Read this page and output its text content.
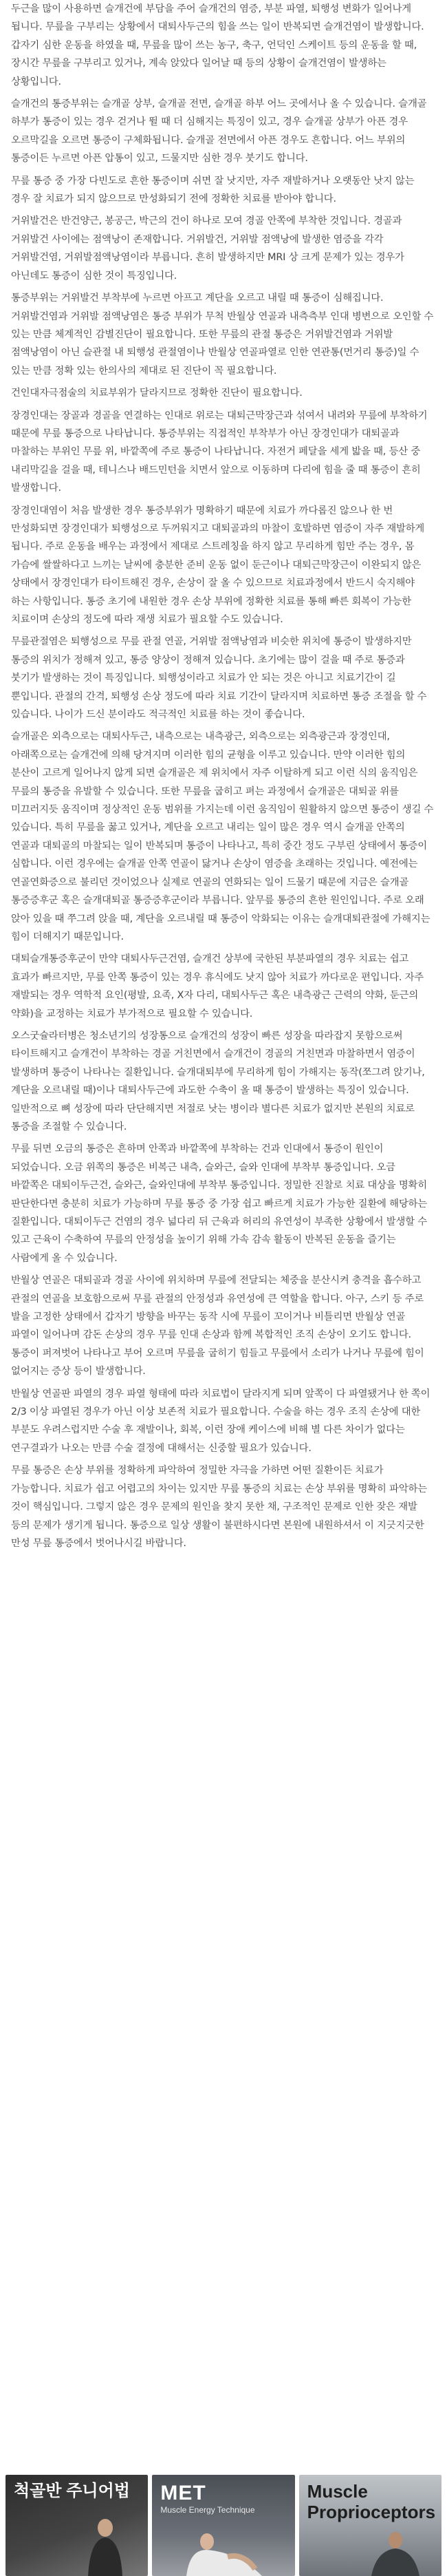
두근을 많이 사용하면 슬개건에 부담을 주어 슬개건의 염증, 부분 파열, 퇴행성 변화가 일어나게 됩니다. 무릎을 구부리는 상황에서 대퇴사두근의 힘을 쓰는 일이 반복되면 슬개건염이 발생합니다. 갑자기 심한 운동을 하였을 때, 무릎을 많이 쓰는 농구, 축구, 언덕인 스케이트 등의 운동을 할 때, 장시간 무릎을 구부리고 있거나, 계속 앉았다 일어날 때 등의 상황이 슬개건염이 발생하는 상황입니다.

슬개건의 통증부위는 슬개골 상부, 슬개골 전면, 슬개골 하부 어느 곳에서나 올 수 있습니다. 슬개골 하부가 통증이 있는 경우 걷거나 뛸 때 더 심해지는 특징이 있고, 경우 슬개골 상부가 아픈 경우 오르막길을 오르면 통증이 구체화됩니다. 슬개골 전면에서 아픈 경우도 흔합니다. 어느 부위의 통증이든 누르면 아픈 압통이 있고, 드물지만 심한 경우 붓기도 합니다.

무릎 통증 중 가장 다빈도로 흔한 통증이며 쉬면 잘 낫지만, 자주 재발하거나 오랫동안 낫지 않는 경우 잘 치료가 되지 않으므로 만성화되기 전에 정확한 치료를 받아야 합니다.

거위발건은 반건양근, 봉공근, 박근의 건이 하나로 모여 경골 안쪽에 부착한 것입니다. 경골과 거위발건 사이에는 점액낭이 존재합니다. 거위발건, 거위발 점액낭에 발생한 염증을 각각 거위발건염, 거위발점액낭염이라 부릅니다. 흔히 발생하지만 MRI 상 크게 문제가 있는 경우가 아닌데도 통증이 심한 것이 특징입니다.

통증부위는 거위발건 부착부에 누르면 아프고 계단을 오르고 내릴 때 통증이 심해집니다. 거위발건염과 거위발 점액낭염은 통증 부위가 무척 반월상 연골과 내측측부 인대 병변으로 오인할 수 있는 만큼 체계적인 감별진단이 필요합니다. 또한 무릎의 관절 통증은 거위발건염과 거위발 점액낭염이 아닌 슬관절 내 퇴행성 관절염이나 반월상 연골파열로 인한 연관통(먼거리 통증)일 수 있는 만큼 정확 있는 한의사의 제대로 된 진단이 꼭 필요합니다.

건인대자극점술의 치료부위가 달라지므로 정확한 진단이 필요합니다.

장경인대는 장골과 경골을 연결하는 인대로 위로는 대퇴근막장근과 섞여서 내려와 무릎에 부착하기 때문에 무릎 통증으로 나타납니다. 통증부위는 직접적인 부착부가 아닌 장경인대가 대퇴골과 마찰하는 부위인 무릎 위, 바깥쪽에 주로 통증이 나타납니다. 자전거 페달을 세게 밟을 때, 등산 중 내리막길을 걸을 때, 테니스나 배드민턴을 치면서 앞으로 이동하며 다리에 힘을 줄 때 통증이 흔히 발생합니다.

장경인대염이 처음 발생한 경우 통증부위가 명확하기 때문에 치료가 까다롭진 않으나 한 번 만성화되면 장경인대가 퇴행성으로 두꺼워지고 대퇴골과의 마찰이 호발하면 염증이 자주 재발하게 됩니다. 주로 운동을 배우는 과정에서 제대로 스트레칭을 하지 않고 무리하게 힘만 주는 경우, 몸 가슴에 쌀쌀하다고 느끼는 날씨에 충분한 준비 운동 없이 둔근이나 대퇴근막장근이 이완되지 않은 상태에서 장경인대가 타이트해진 경우, 손상이 잘 올 수 있으므로 치료과정에서 반드시 숙지해야 하는 사항입니다. 통증 초기에 내원한 경우 손상 부위에 정확한 치료를 통해 빠른 회복이 가능한 치료이며 손상의 정도에 따라 재생 치료가 필요할 수도 있습니다.

무릎관절염은 퇴행성으로 무릎 관절 연골, 거위발 점액낭염과 비슷한 위치에 통증이 발생하지만 통증의 위치가 정해져 있고, 통증 양상이 정해져 있습니다. 초기에는 많이 걸을 때 주로 통증과 붓기가 발생하는 것이 특징입니다. 퇴행성이라고 치료가 안 되는 것은 아니고 치료기간이 길 뿐입니다. 관절의 간격, 퇴행성 손상 정도에 따라 치료 기간이 달라지며 치료하면 통증 조절을 할 수 있습니다. 나이가 드신 분이라도 적극적인 치료를 하는 것이 좋습니다.

슬개골은 외측으로는 대퇴사두근, 내측으로는 내측광근, 외측으로는 외측광근과 장경인대, 아래쪽으로는 슬개건에 의해 당겨지며 이러한 힘의 균형을 이루고 있습니다. 만약 이러한 힘의 분산이 고르게 일어나지 않게 되면 슬개골은 제 위치에서 자주 이탈하게 되고 이런 식의 움직임은 무릎의 통증을 유발할 수 있습니다. 또한 무릎을 굽히고 펴는 과정에서 슬개골은 대퇴골 위를 미끄러지듯 움직이며 정상적인 운동 범위를 가지는데 이런 움직임이 원활하지 않으면 통증이 생길 수 있습니다. 특히 무릎을 꿇고 있거나, 계단을 오르고 내리는 일이 많은 경우 역시 슬개골 안쪽의 연골과 대퇴골의 마찰되는 일이 반복되며 통증이 나타나고, 특히 중간 정도 구부린 상태에서 통증이 심합니다. 이런 경우에는 슬개골 안쪽 연골이 닳거나 손상이 염증을 초래하는 것입니다. 예전에는 연골연화증으로 불리던 것이었으나 실제로 연골의 연화되는 일이 드물기 때문에 지금은 슬개골 통증증후군 혹은 슬개대퇴골 통증증후군이라 부릅니다. 앞무릎 통증의 흔한 원인입니다. 주로 오래 앉아 있을 때 쭈그려 앉을 때, 계단을 오르내릴 때 통증이 악화되는 이유는 슬개대퇴관절에 가해지는 힘이 더해지기 때문입니다.

대퇴슬개통증후군이 만약 대퇴사두근건염, 슬개건 상부에 국한된 부분파열의 경우 치료는 쉽고 효과가 빠르지만, 무릎 안쪽 통증이 있는 경우 휴식에도 낫지 않아 치료가 까다로운 편입니다. 자주 재발되는 경우 역학적 요인(평발, 요족, X자 다리, 대퇴사두근 혹은 내측광근 근력의 약화, 둔근의 약화)을 교정하는 치료가 부가적으로 필요할 수 있습니다.

오스굿슐라터병은 청소년기의 성장통으로 슬개건의 성장이 빠른 성장을 따라잡지 못함으로써 타이트해지고 슬개건이 부착하는 경골 거친면에서 슬개건이 경골의 거친면과 마찰하면서 염증이 발생하며 통증이 나타나는 질환입니다. 슬개대퇴부에 무리하게 힘이 가해지는 동작(쪼그려 앉기나, 계단을 오르내릴 때)이나 대퇴사두근에 과도한 수축이 올 때 통증이 발생하는 특징이 있습니다. 일반적으로 뼈 성장에 따라 단단해지면 저절로 낫는 병이라 별다른 치료가 없지만 본원의 치료로 통증을 조절할 수 있습니다.

무릎 뒤면 오금의 통증은 흔하며 안쪽과 바깥쪽에 부착하는 건과 인대에서 통증이 원인이 되었습니다. 오금 위쪽의 통증은 비복근 내측, 슬와근, 슬와 인대에 부착부 통증입니다. 오금 바깥쪽은 대퇴이두근건, 슬와근, 슬와인대에 부착부 통증입니다. 정밀한 진찰로 치료 대상을 명확히 판단한다면 충분히 치료가 가능하며 무릎 통증 중 가장 쉽고 빠르게 치료가 가능한 질환에 해당하는 질환입니다. 대퇴이두근 건염의 경우 넓다리 뒤 근육과 허리의 유연성이 부족한 상황에서 발생할 수 있고 근육이 수축하여 무릎의 안정성을 높이기 위해 가속 감속 활동이 반복된 운동을 즐기는 사람에게 올 수 있습니다.

반월상 연골은 대퇴골과 경골 사이에 위치하며 무릎에 전달되는 체중을 분산시켜 충격을 흡수하고 관절의 연골을 보호함으로써 무릎 관절의 안정성과 유연성에 큰 역할을 합니다. 아구, 스키 등 주로 발을 고정한 상태에서 갑자기 방향을 바꾸는 동작 시에 무릎이 꼬이거나 비틀리면 반월상 연골 파열이 일어나며 감돈 손상의 경우 무릎 인대 손상과 함께 복합적인 조직 손상이 오기도 합니다. 통증이 퍼져벗어 나타나고 부어 오르며 무릎을 굽히기 힘들고 무릎에서 소리가 나거나 무릎에 힘이 없어지는 증상 등이 발생합니다.

반월상 연골판 파열의 경우 파열 형태에 따라 치료법이 달라지게 되며 앞쪽이 다 파열됐거나 한 쪽이 2/3 이상 파열된 경우가 아닌 이상 보존적 치료가 필요합니다. 수술을 하는 경우 조직 손상에 대한 부분도 우려스럽지만 수술 후 재발이나, 회복, 이런 장애 케이스에 비해 별 다른 차이가 없다는 연구결과가 나오는 만큼 수술 결정에 대해서는 신중할 필요가 있습니다.

무릎 통증은 손상 부위를 정확하게 파악하여 정밀한 자극을 가하면 어떤 질환이든 치료가 가능합니다. 치료가 쉽고 어렵고의 차이는 있지만 무릎 통증의 치료는 손상 부위를 명확히 파악하는 것이 핵심입니다. 그렇지 않은 경우 문제의 원인을 찾지 못한 채, 구조적인 문제로 인한 잦은 재발 등의 문제가 생기게 됩니다. 통증으로 일상 생활이 불편하시다면 본원에 내원하셔서 이 지긋지긋한 만성 무릎 통증에서 벗어나시길 바랍니다.

척골반 주니어법	MET
Muscle Energy Technique
Muscle Proprioceptors
